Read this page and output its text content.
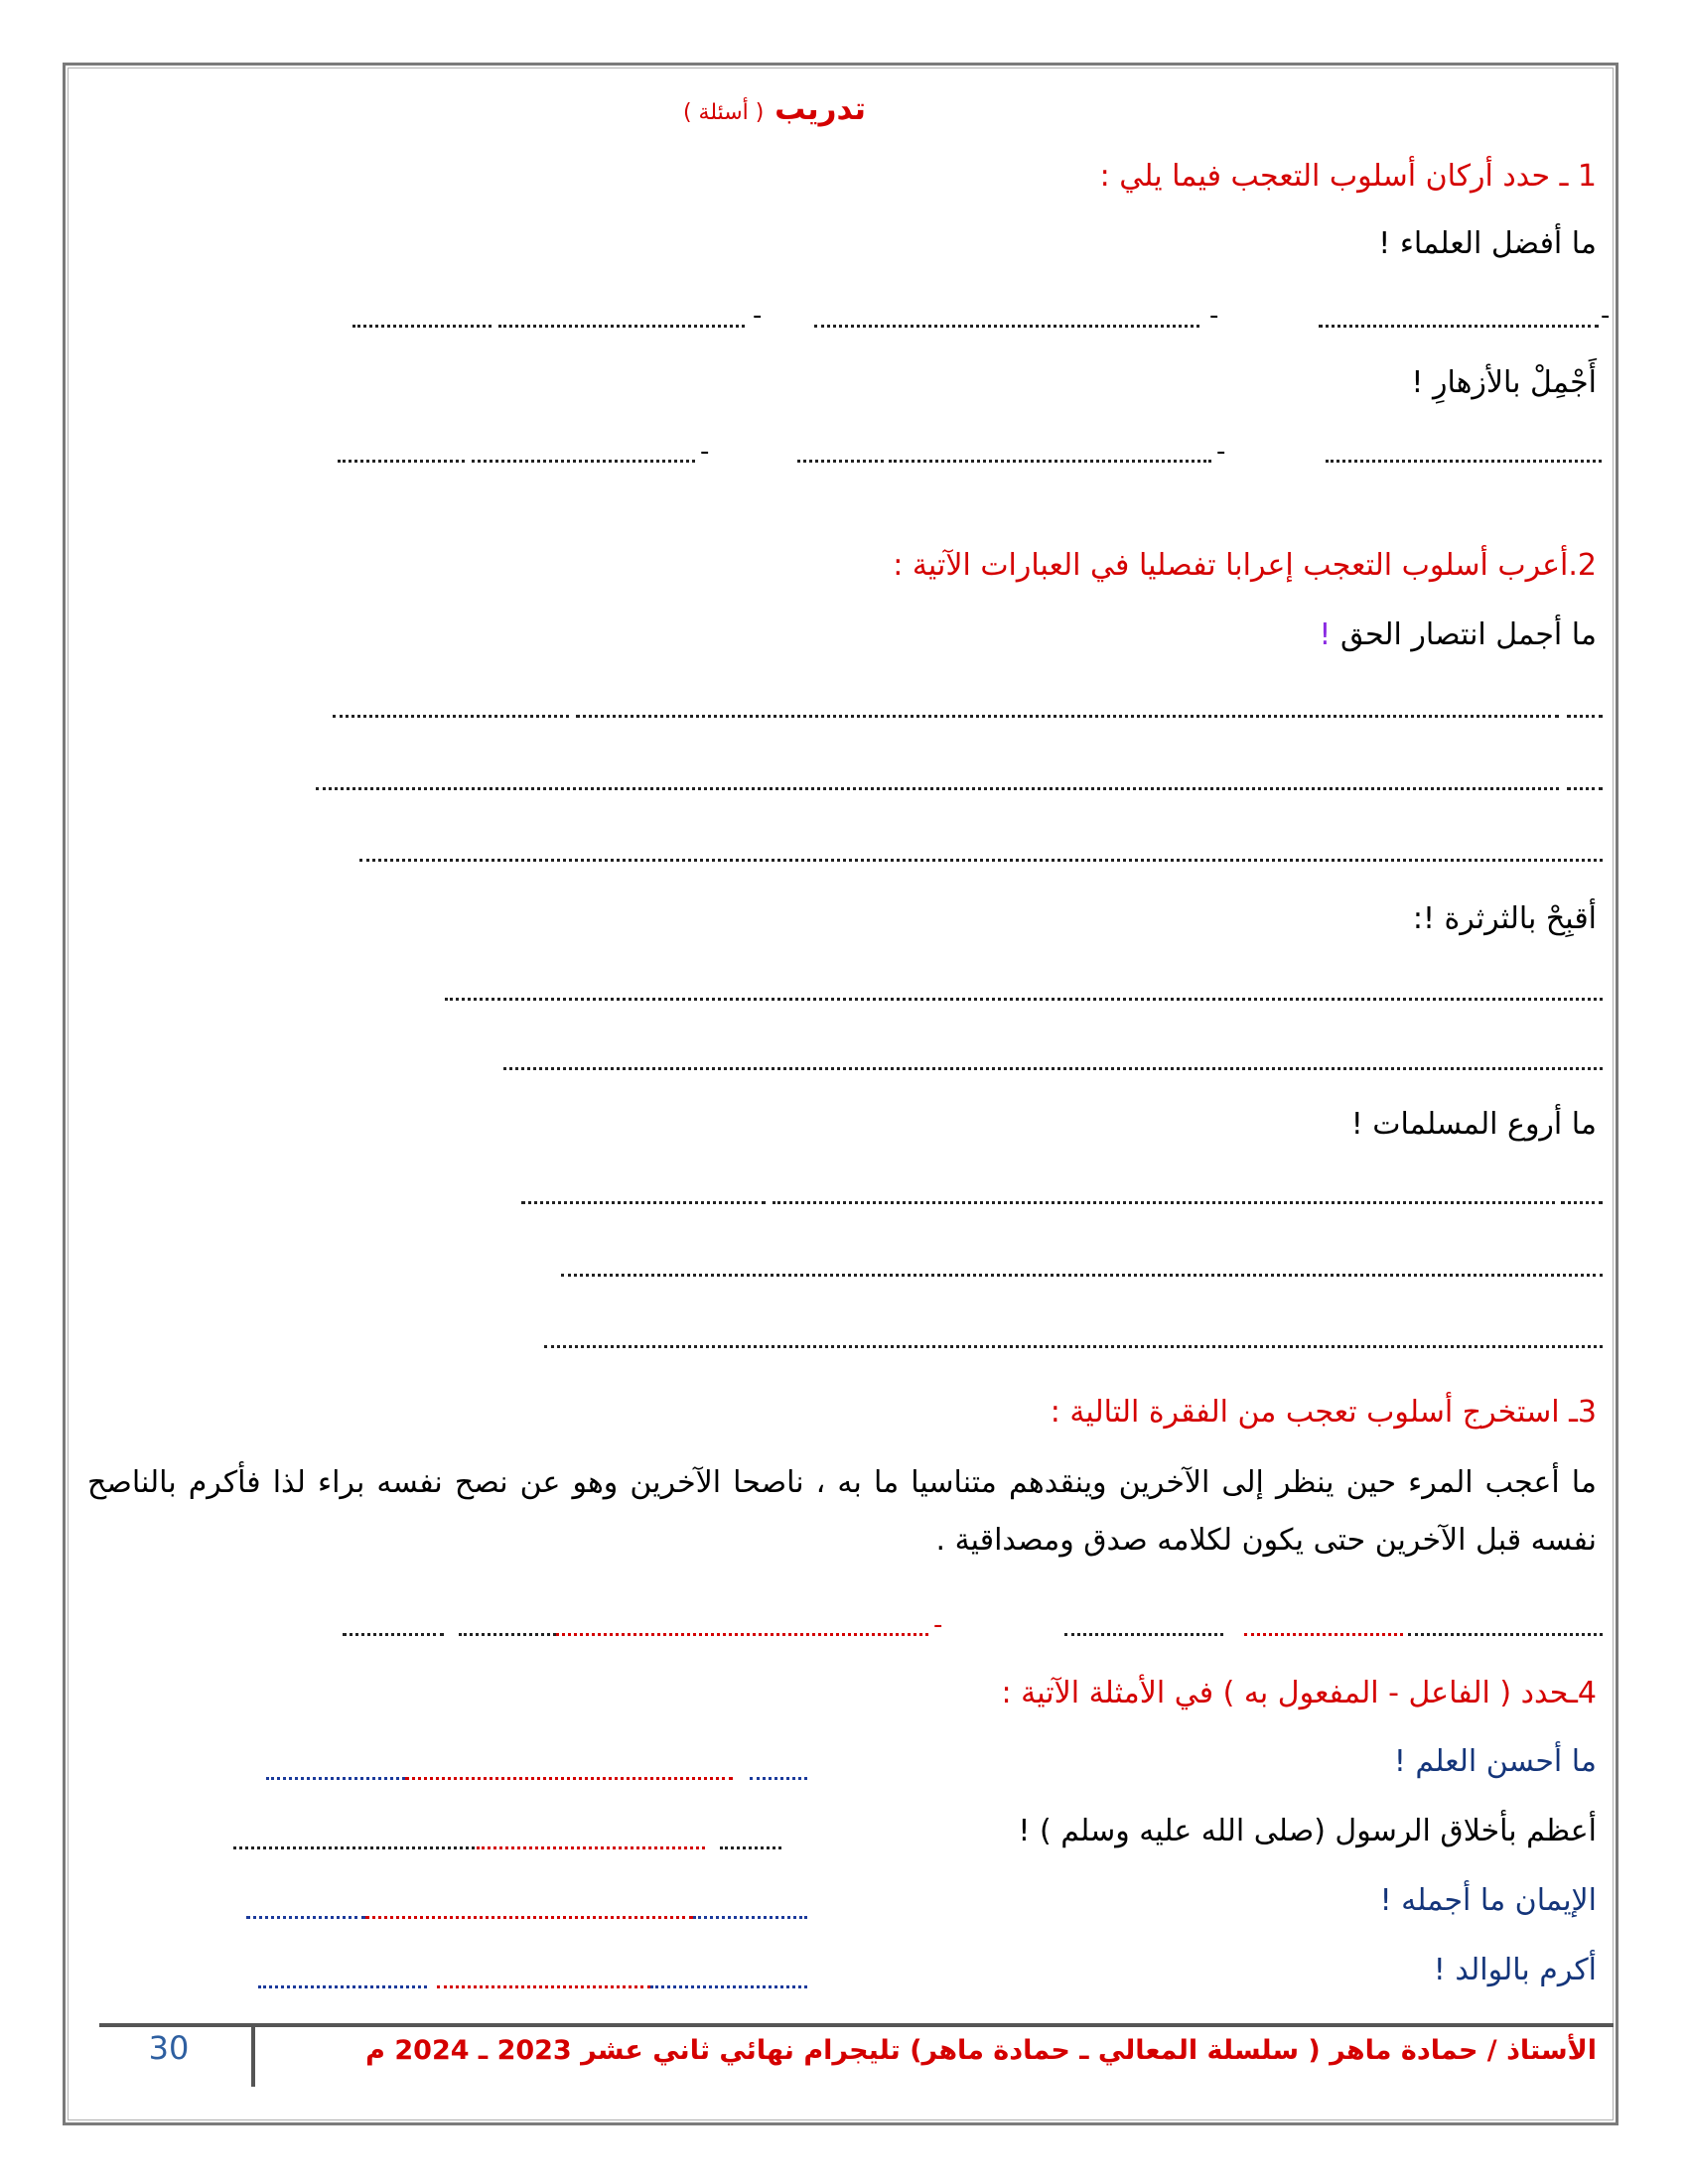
تدريب ( أسئلة )
1 ـ حدد أركان أسلوب التعجب فيما يلي :
ما أفضل العلماء !
-
-
-
أَجْمِلْ بالأزهارِ !
-
-
2.أعرب أسلوب التعجب إعرابا تفصليا في العبارات الآتية :
ما أجمل انتصار الحق !
أقبِحْ بالثرثرة !:
ما أروع المسلمات !
3ـ استخرج أسلوب تعجب من الفقرة التالية :
ما أعجب المرء حين ينظر إلى الآخرين وينقدهم متناسيا ما به ، ناصحا الآخرين وهو عن نصح نفسه براء لذا فأكرم بالناصح نفسه قبل الآخرين حتى يكون لكلامه صدق ومصداقية .
-
4ـحدد ( الفاعل - المفعول به ) في الأمثلة الآتية :
ما أحسن العلم !
أعظم بأخلاق الرسول (صلى الله عليه وسلم ) !
الإيمان ما أجمله !
أكرم بالوالد !
30	الأستاذ / حمادة ماهر ( سلسلة المعالي ـ حمادة ماهر) تليجرام نهائي ثاني عشر 2023 ـ 2024 م
